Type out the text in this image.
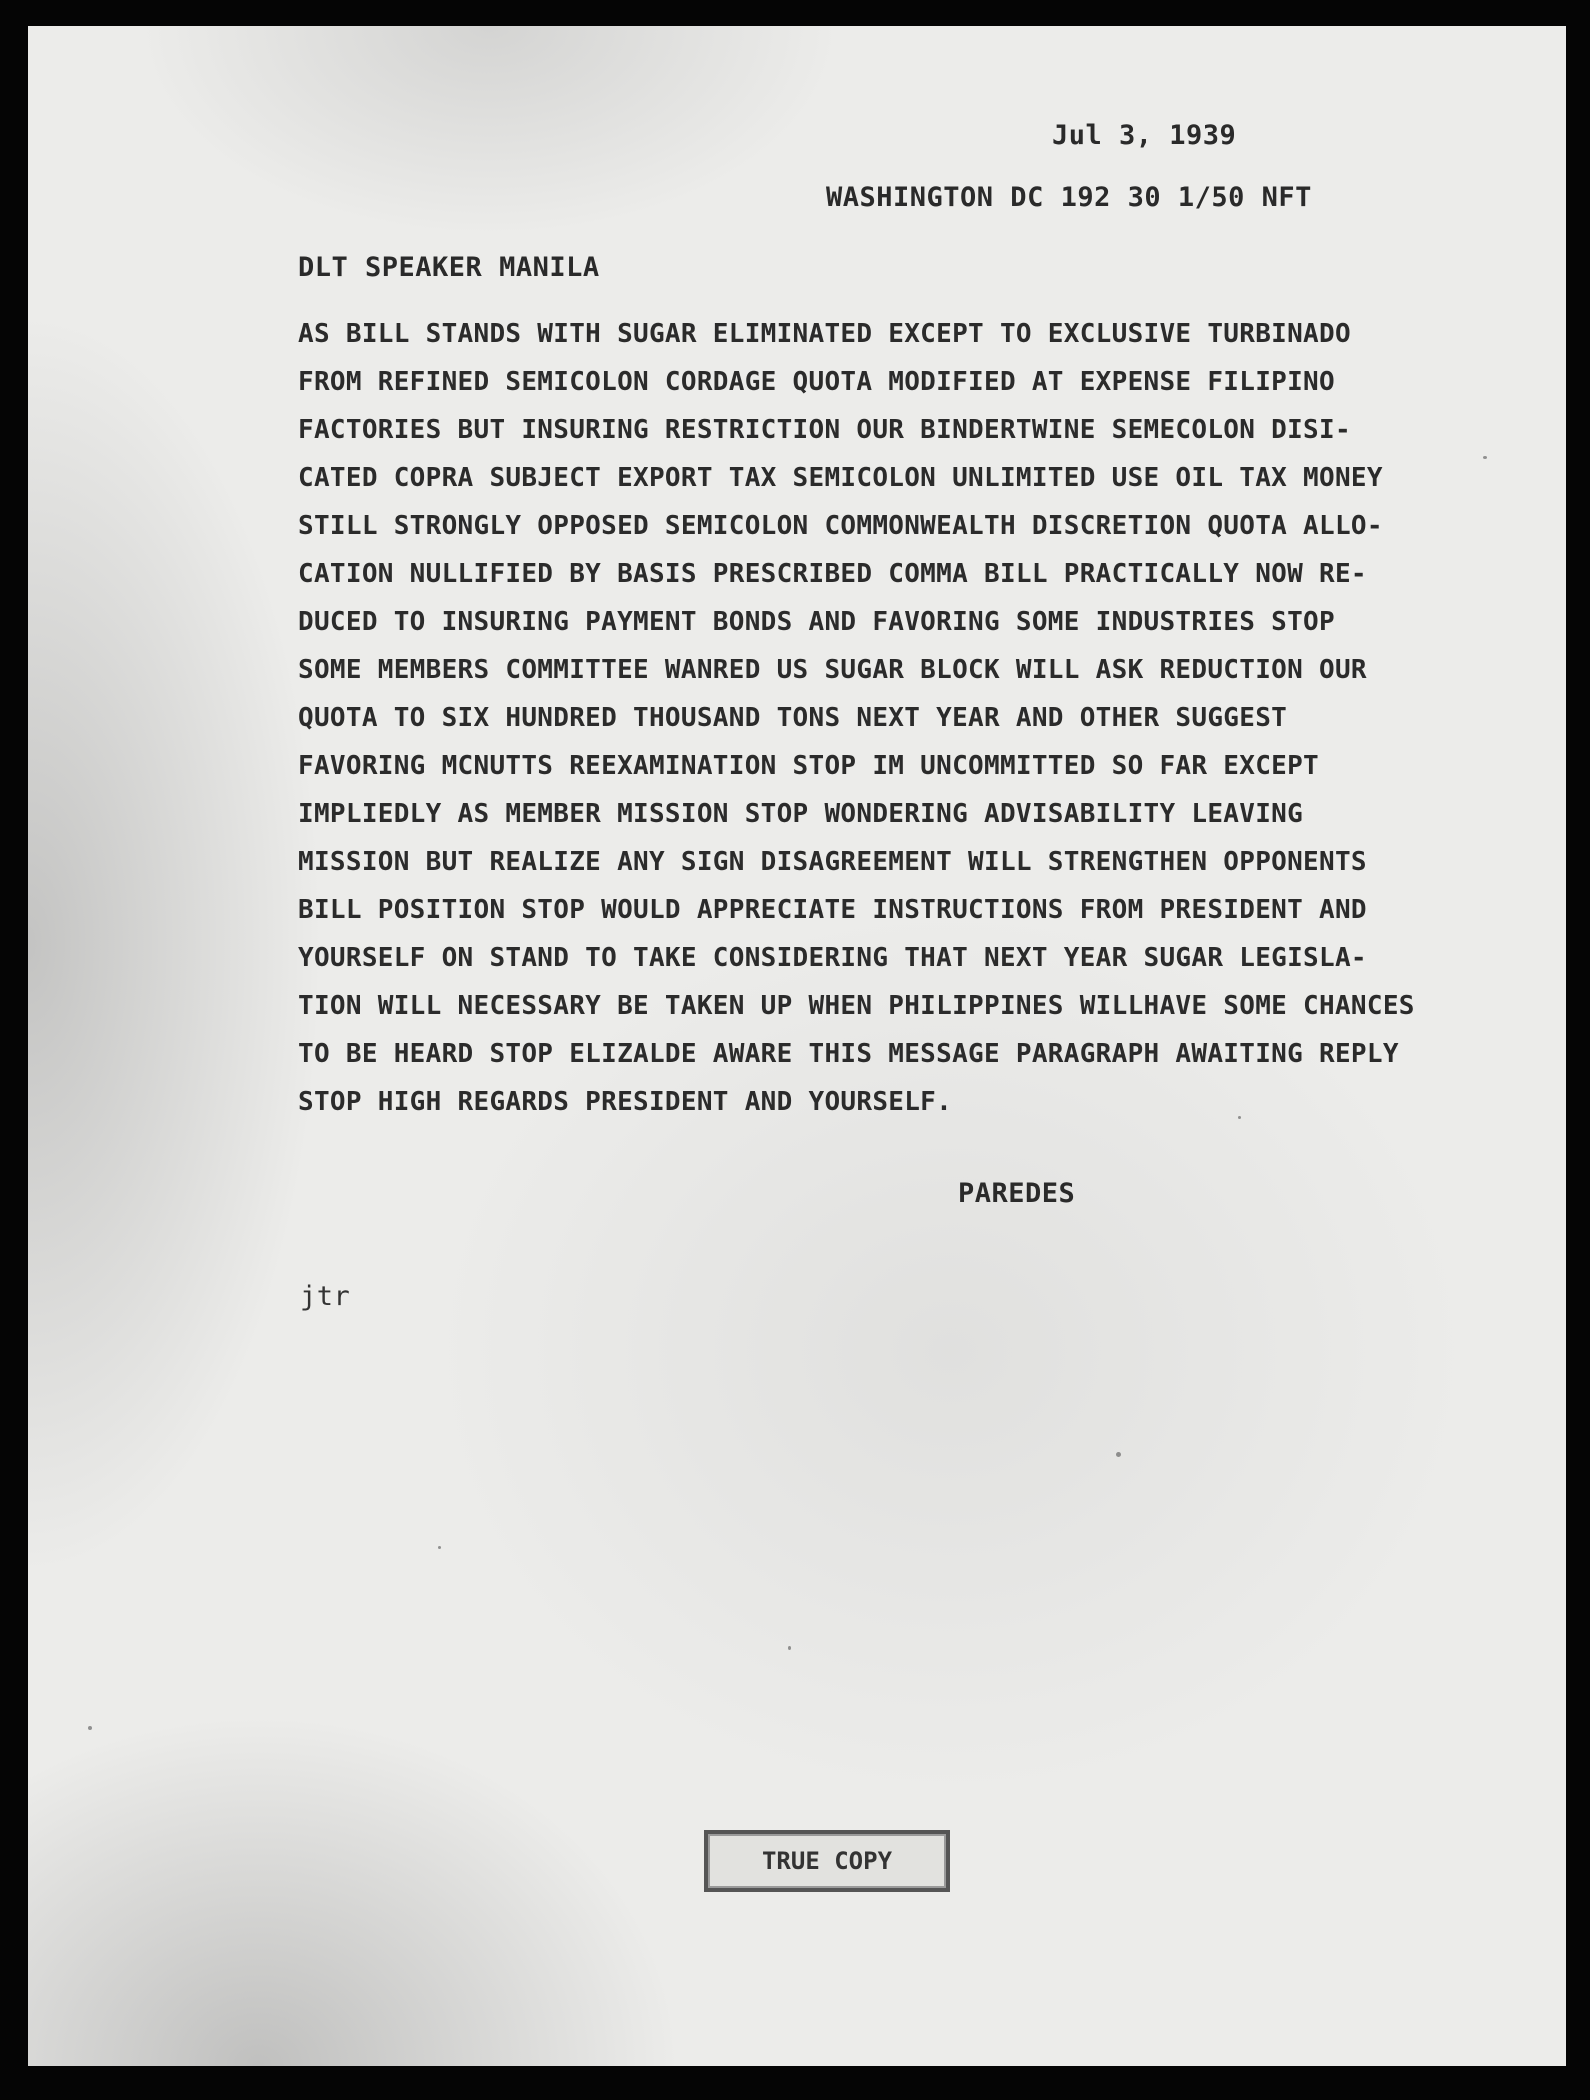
Jul 3, 1939
WASHINGTON DC 192 30 1/50 NFT
DLT SPEAKER MANILA
AS BILL STANDS WITH SUGAR ELIMINATED EXCEPT TO EXCLUSIVE TURBINADO
FROM REFINED SEMICOLON CORDAGE QUOTA MODIFIED AT EXPENSE FILIPINO
FACTORIES BUT INSURING RESTRICTION OUR BINDERTWINE SEMECOLON DISI-
CATED COPRA SUBJECT EXPORT TAX SEMICOLON UNLIMITED USE OIL TAX MONEY
STILL STRONGLY OPPOSED SEMICOLON COMMONWEALTH DISCRETION QUOTA ALLO-
CATION NULLIFIED BY BASIS PRESCRIBED COMMA BILL PRACTICALLY NOW RE-
DUCED TO INSURING PAYMENT BONDS AND FAVORING SOME INDUSTRIES STOP
SOME MEMBERS COMMITTEE WANRED US SUGAR BLOCK WILL ASK REDUCTION OUR
QUOTA TO SIX HUNDRED THOUSAND TONS NEXT YEAR AND OTHER SUGGEST
FAVORING MCNUTTS REEXAMINATION STOP IM UNCOMMITTED SO FAR EXCEPT
IMPLIEDLY AS MEMBER MISSION STOP WONDERING ADVISABILITY LEAVING
MISSION BUT REALIZE ANY SIGN DISAGREEMENT WILL STRENGTHEN OPPONENTS
BILL POSITION STOP WOULD APPRECIATE INSTRUCTIONS FROM PRESIDENT AND
YOURSELF ON STAND TO TAKE CONSIDERING THAT NEXT YEAR SUGAR LEGISLA-
TION WILL NECESSARY BE TAKEN UP WHEN PHILIPPINES WILLHAVE SOME CHANCES
TO BE HEARD STOP ELIZALDE AWARE THIS MESSAGE PARAGRAPH AWAITING REPLY
STOP HIGH REGARDS PRESIDENT AND YOURSELF.
PAREDES
jtr
TRUE COPY
